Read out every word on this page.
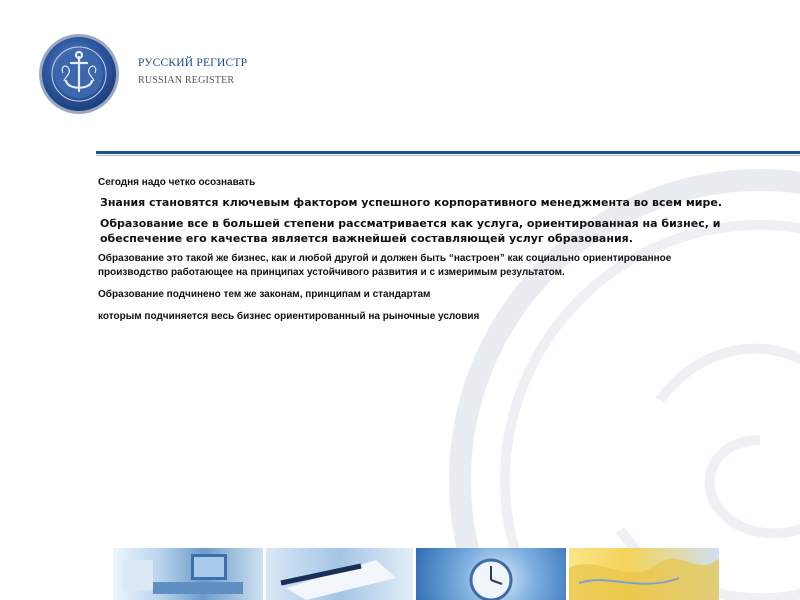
РУССКИЙ РЕГИСТР
RUSSIAN REGISTER
Сегодня надо четко осознавать
Знания становятся ключевым фактором успешного корпоративного менеджмента во всем мире.
Образование все в большей степени рассматривается как услуга, ориентированная на бизнес, и
обеспечение его качества является важнейшей составляющей услуг образования.
Образование это такой же бизнес, как и любой другой и должен быть “настроен” как социально ориентированное
производство работающее на принципах устойчивого развития и с измеримым результатом.
Образование подчинено тем же законам, принципам и стандартам
которым подчиняется весь бизнес ориентированный на рыночные условия
